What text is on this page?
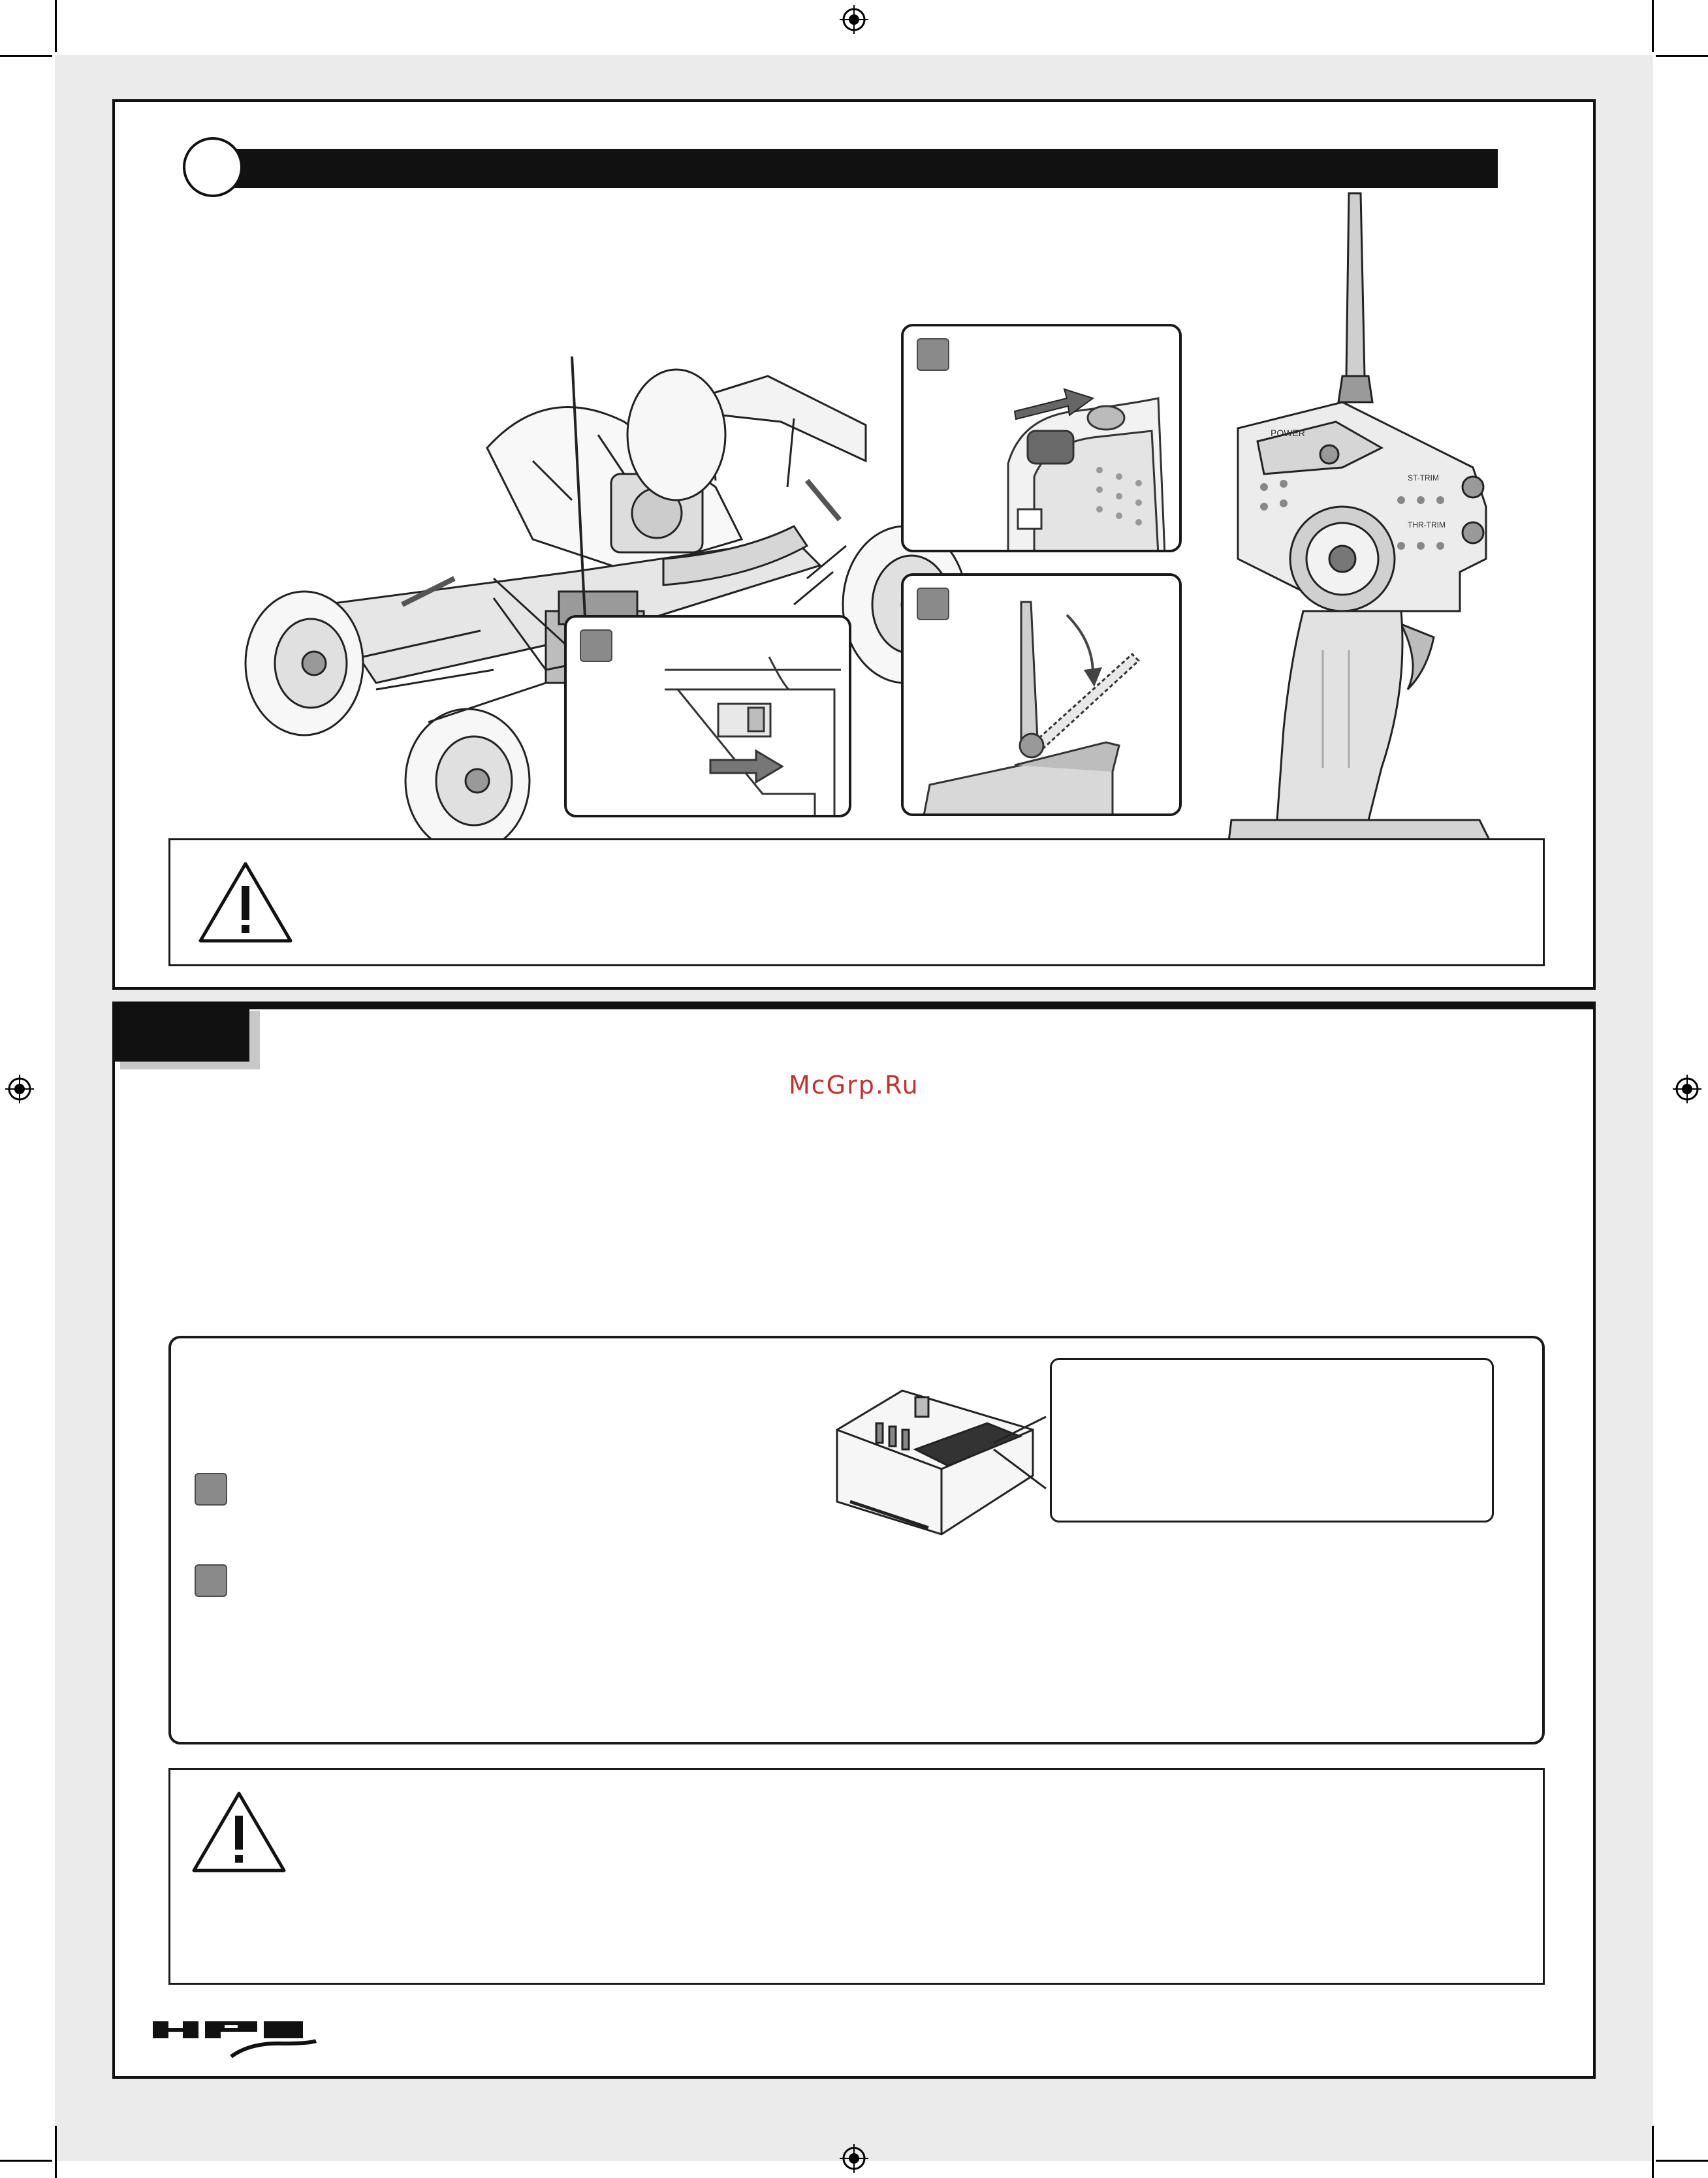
POWER
ST-TRIM
THR-TRIM
McGrp.Ru
